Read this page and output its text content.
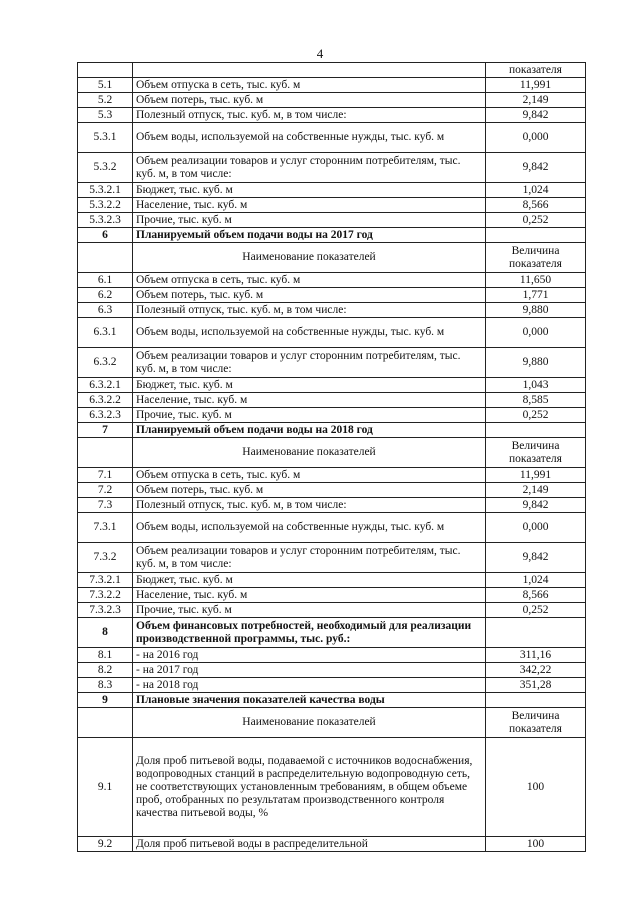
4
		показателя
5.1	Объем отпуска в сеть, тыс. куб. м	11,991
5.2	Объем потерь, тыс. куб. м	2,149
5.3	Полезный отпуск, тыс. куб. м, в том числе:	9,842
5.3.1	Объем воды, используемой на собственные нужды, тыс. куб. м	0,000
5.3.2	Объем реализации товаров и услуг сторонним потребителям, тыс. куб. м, в том числе:	9,842
5.3.2.1	Бюджет, тыс. куб. м	1,024
5.3.2.2	Население, тыс. куб. м	8,566
5.3.2.3	Прочие, тыс. куб. м	0,252
6	Планируемый объем подачи воды на 2017 год	
	Наименование показателей	Величина показателя
6.1	Объем отпуска в сеть, тыс. куб. м	11,650
6.2	Объем потерь, тыс. куб. м	1,771
6.3	Полезный отпуск, тыс. куб. м, в том числе:	9,880
6.3.1	Объем воды, используемой на собственные нужды, тыс. куб. м	0,000
6.3.2	Объем реализации товаров и услуг сторонним потребителям, тыс. куб. м, в том числе:	9,880
6.3.2.1	Бюджет, тыс. куб. м	1,043
6.3.2.2	Население, тыс. куб. м	8,585
6.3.2.3	Прочие, тыс. куб. м	0,252
7	Планируемый объем подачи воды на 2018 год	
	Наименование показателей	Величина показателя
7.1	Объем отпуска в сеть, тыс. куб. м	11,991
7.2	Объем потерь, тыс. куб. м	2,149
7.3	Полезный отпуск, тыс. куб. м, в том числе:	9,842
7.3.1	Объем воды, используемой на собственные нужды, тыс. куб. м	0,000
7.3.2	Объем реализации товаров и услуг сторонним потребителям, тыс. куб. м, в том числе:	9,842
7.3.2.1	Бюджет, тыс. куб. м	1,024
7.3.2.2	Население, тыс. куб. м	8,566
7.3.2.3	Прочие, тыс. куб. м	0,252
8	Объем финансовых потребностей, необходимый для реализации производственной программы, тыс. руб.:	
8.1	- на 2016 год	311,16
8.2	- на 2017 год	342,22
8.3	- на 2018 год	351,28
9	Плановые значения показателей качества воды	
	Наименование показателей	Величина показателя
9.1	Доля проб питьевой воды, подаваемой с источников водоснабжения, водопроводных станций в распределительную водопроводную сеть, не соответствующих установленным требованиям, в общем объеме проб, отобранных по результатам производственного контроля качества питьевой воды, %	100
9.2	Доля проб питьевой воды в распределительной	100
